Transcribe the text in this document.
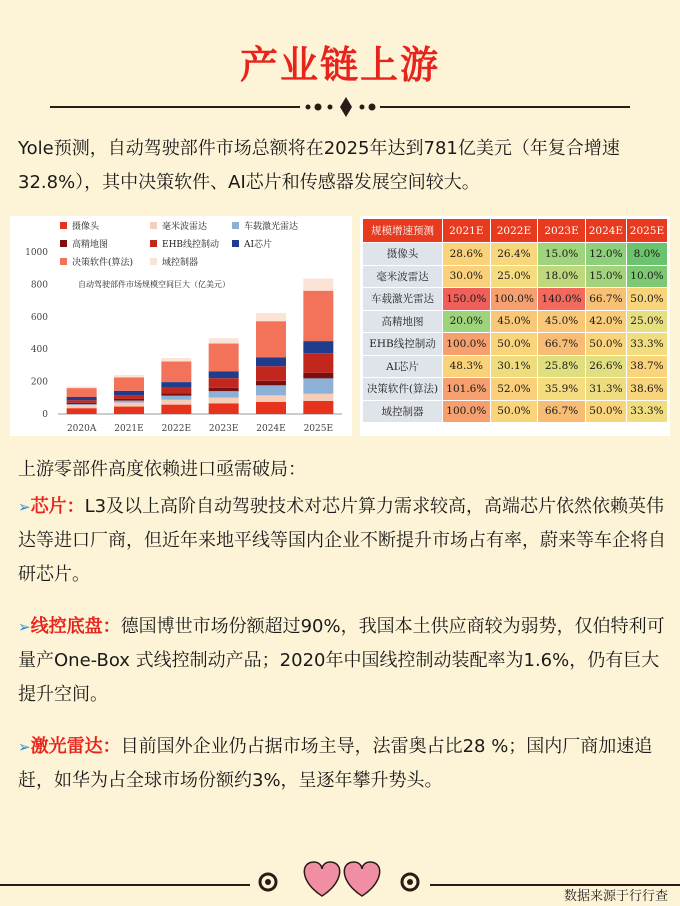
产业链上游
Yole预测，自动驾驶部件市场总额将在2025年达到781亿美元（年复合增速32.8%），其中决策软件、AI芯片和传感器发展空间较大。
摄像头	毫米波雷达	车载激光雷达
高精地图	EHB线控制动	AI芯片
决策软件(算法)	域控制器
自动驾驶部件市场规模空间巨大（亿美元）
0
200
400
600
800
1000
2020A 2021E 2022E 2023E 2024E 2025E
规模增速预测	2021E	2022E	2023E	2024E	2025E
摄像头	28.6%	26.4%	15.0%	12.0%	8.0%
毫米波雷达	30.0%	25.0%	18.0%	15.0%	10.0%
车载激光雷达	150.0%	100.0%	140.0%	66.7%	50.0%
高精地图	20.0%	45.0%	45.0%	42.0%	25.0%
EHB线控制动	100.0%	50.0%	66.7%	50.0%	33.3%
AI芯片	48.3%	30.1%	25.8%	26.6%	38.7%
决策软件(算法)	101.6%	52.0%	35.9%	31.3%	38.6%
域控制器	100.0%	50.0%	66.7%	50.0%	33.3%
上游零部件高度依赖进口亟需破局：
➢芯片：L3及以上高阶自动驾驶技术对芯片算力需求较高，高端芯片依然依赖英伟达等进口厂商，但近年来地平线等国内企业不断提升市场占有率，蔚来等车企将自研芯片。
➢线控底盘：德国博世市场份额超过90%，我国本土供应商较为弱势，仅伯特利可量产One-Box 式线控制动产品；2020年中国线控制动装配率为1.6%，仍有巨大提升空间。
➢激光雷达：目前国外企业仍占据市场主导，法雷奥占比28 %；国内厂商加速追赶，如华为占全球市场份额约3%，呈逐年攀升势头。
数据来源于行行查
